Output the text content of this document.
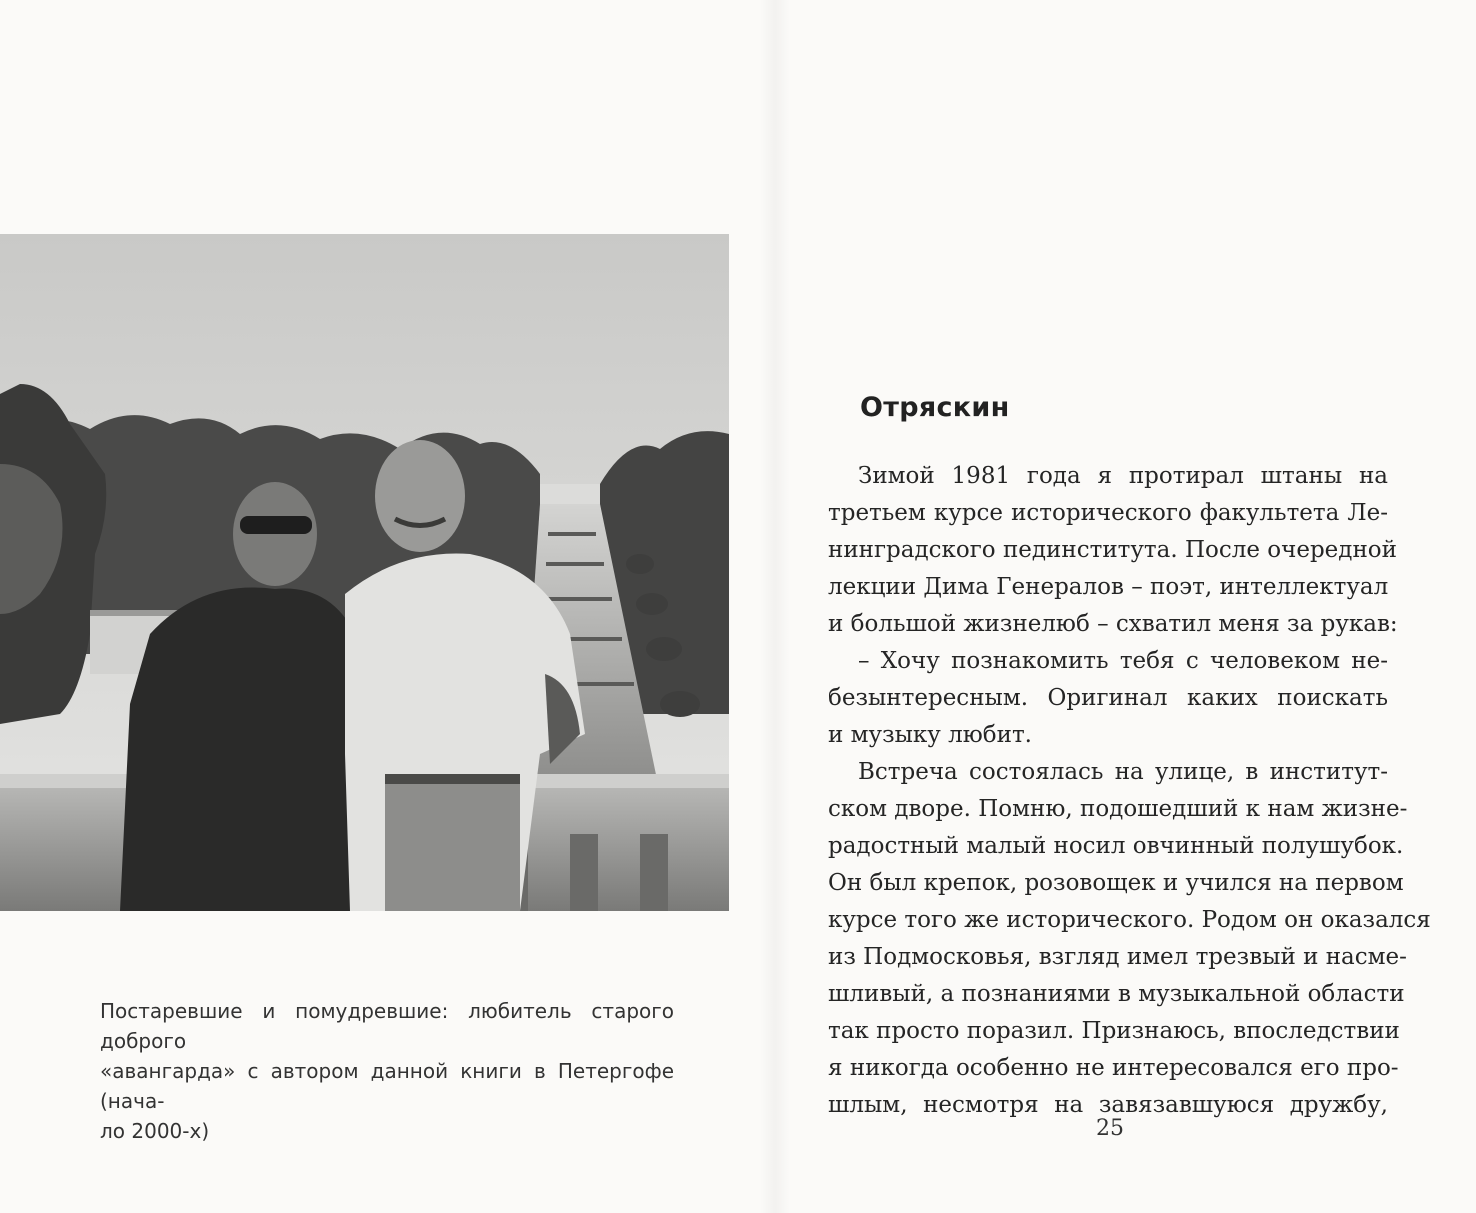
Постаревшие и помудревшие: любитель старого доброго
«авангарда» с автором данной книги в Петергофе (нача-
ло 2000-х)

Отряскин
Зимой 1981 года я протирал штаны на
третьем курсе исторического факультета Ле-
нинградского пединститута. После очередной
лекции Дима Генералов – поэт, интеллектуал
и большой жизнелюб – схватил меня за рукав:
– Хочу познакомить тебя с человеком не-
безынтересным. Оригинал каких поискать
и музыку любит.
Встреча состоялась на улице, в институт-
ском дворе. Помню, подошедший к нам жизне-
радостный малый носил овчинный полушубок.
Он был крепок, розовощек и учился на первом
курсе того же исторического. Родом он оказался
из Подмосковья, взгляд имел трезвый и насме-
шливый, а познаниями в музыкальной области
так просто поразил. Признаюсь, впоследствии
я никогда особенно не интересовался его про-
шлым, несмотря на завязавшуюся дружбу,

25
